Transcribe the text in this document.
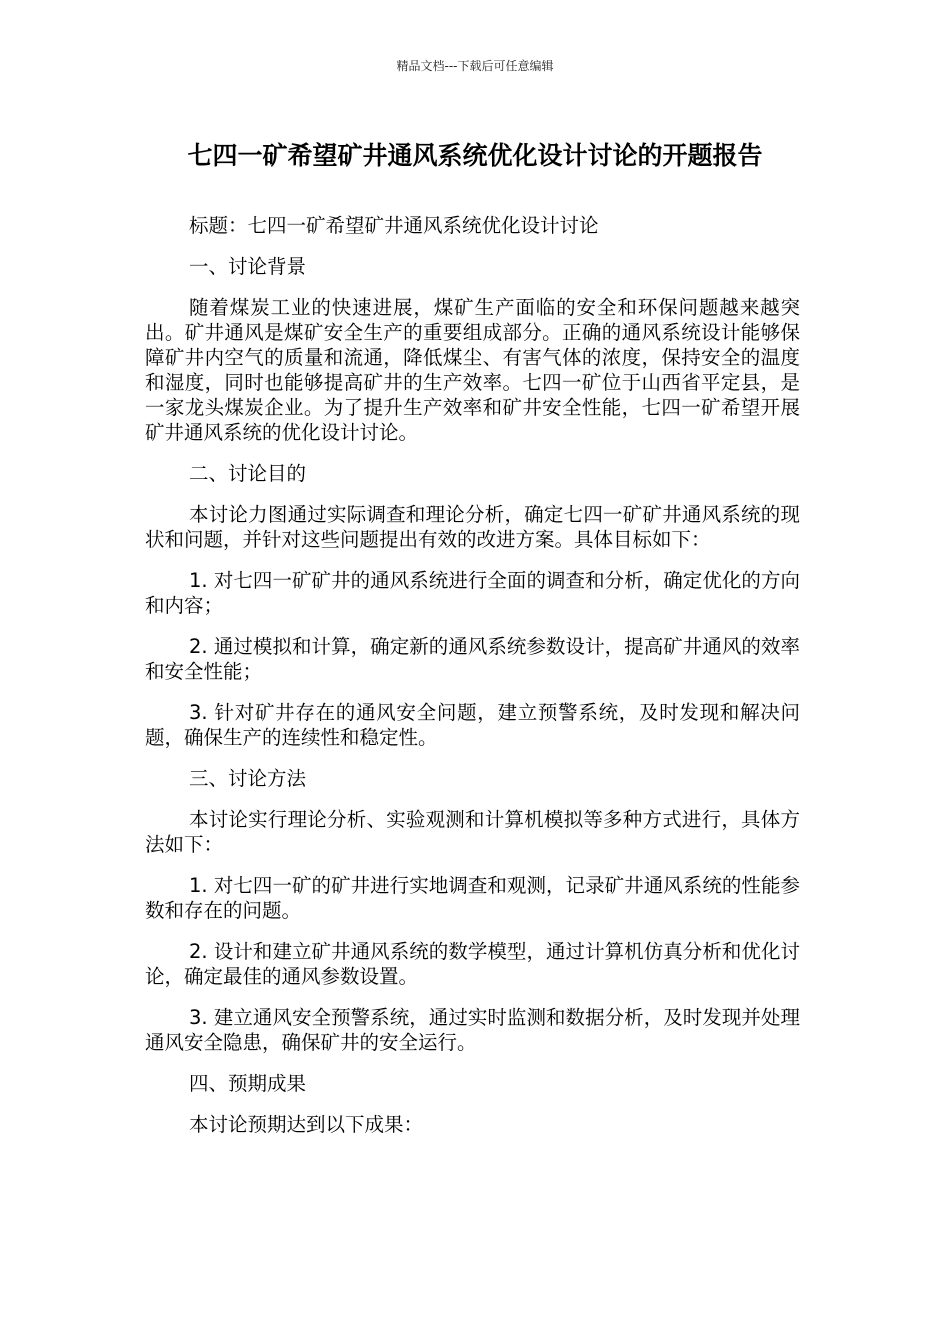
精品文档---下载后可任意编辑
七四一矿希望矿井通风系统优化设计讨论的开题报告

标题：七四一矿希望矿井通风系统优化设计讨论

一、讨论背景

随着煤炭工业的快速进展，煤矿生产面临的安全和环保问题越来越突出。矿井通风是煤矿安全生产的重要组成部分。正确的通风系统设计能够保障矿井内空气的质量和流通，降低煤尘、有害气体的浓度，保持安全的温度和湿度，同时也能够提高矿井的生产效率。七四一矿位于山西省平定县，是一家龙头煤炭企业。为了提升生产效率和矿井安全性能，七四一矿希望开展矿井通风系统的优化设计讨论。

二、讨论目的

本讨论力图通过实际调查和理论分析，确定七四一矿矿井通风系统的现状和问题，并针对这些问题提出有效的改进方案。具体目标如下：

1. 对七四一矿矿井的通风系统进行全面的调查和分析，确定优化的方向和内容；

2. 通过模拟和计算，确定新的通风系统参数设计，提高矿井通风的效率和安全性能；

3. 针对矿井存在的通风安全问题，建立预警系统，及时发现和解决问题，确保生产的连续性和稳定性。

三、讨论方法

本讨论实行理论分析、实验观测和计算机模拟等多种方式进行，具体方法如下：

1. 对七四一矿的矿井进行实地调查和观测，记录矿井通风系统的性能参数和存在的问题。

2. 设计和建立矿井通风系统的数学模型，通过计算机仿真分析和优化讨论，确定最佳的通风参数设置。

3. 建立通风安全预警系统，通过实时监测和数据分析，及时发现并处理通风安全隐患，确保矿井的安全运行。

四、预期成果

本讨论预期达到以下成果：
